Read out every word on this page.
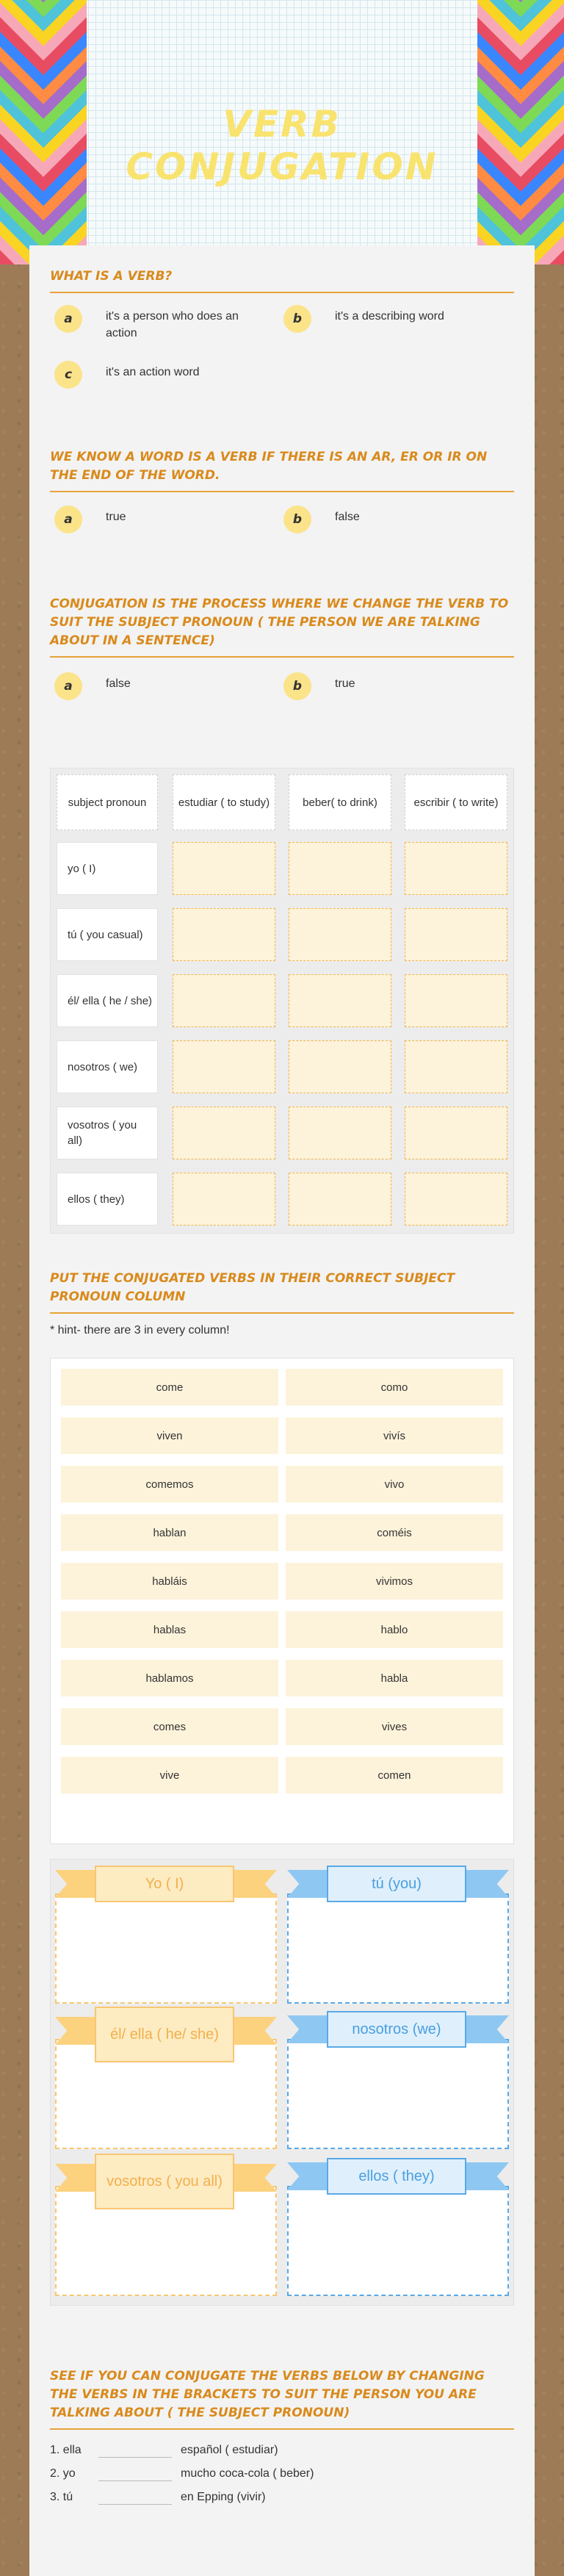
VERB CONJUGATION
WHAT IS A VERB?
a	it's a person who does an action
b	it's a describing word
c	it's an action word
WE KNOW A WORD IS A VERB IF THERE IS AN AR, ER OR IR ON THE END OF THE WORD.
a	true	b	false
CONJUGATION IS THE PROCESS WHERE WE CHANGE THE VERB TO SUIT THE SUBJECT PRONOUN ( THE PERSON WE ARE TALKING ABOUT IN A SENTENCE)
a	false	b	true
subject pronoun	estudiar ( to study)	beber( to drink)	escribir ( to write)
yo ( I)
tú ( you casual)
él/ ella ( he / she)
nosotros ( we)
vosotros ( you all)
ellos ( they)
PUT THE CONJUGATED VERBS IN THEIR CORRECT SUBJECT PRONOUN COLUMN
* hint- there are 3 in every column!
come	como
viven	vivís
comemos	vivo
hablan	coméis
habláis	vivimos
hablas	hablo
hablamos	habla
comes	vives
vive	comen
Yo ( I)	tú (you)
él/ ella ( he/ she)	nosotros (we)
vosotros ( you all)	ellos ( they)
SEE IF YOU CAN CONJUGATE THE VERBS BELOW BY CHANGING THE VERBS IN THE BRACKETS TO SUIT THE PERSON YOU ARE TALKING ABOUT ( THE SUBJECT PRONOUN)
1. ella	español ( estudiar)
2. yo	mucho coca-cola ( beber)
3. tú	en Epping (vivir)
